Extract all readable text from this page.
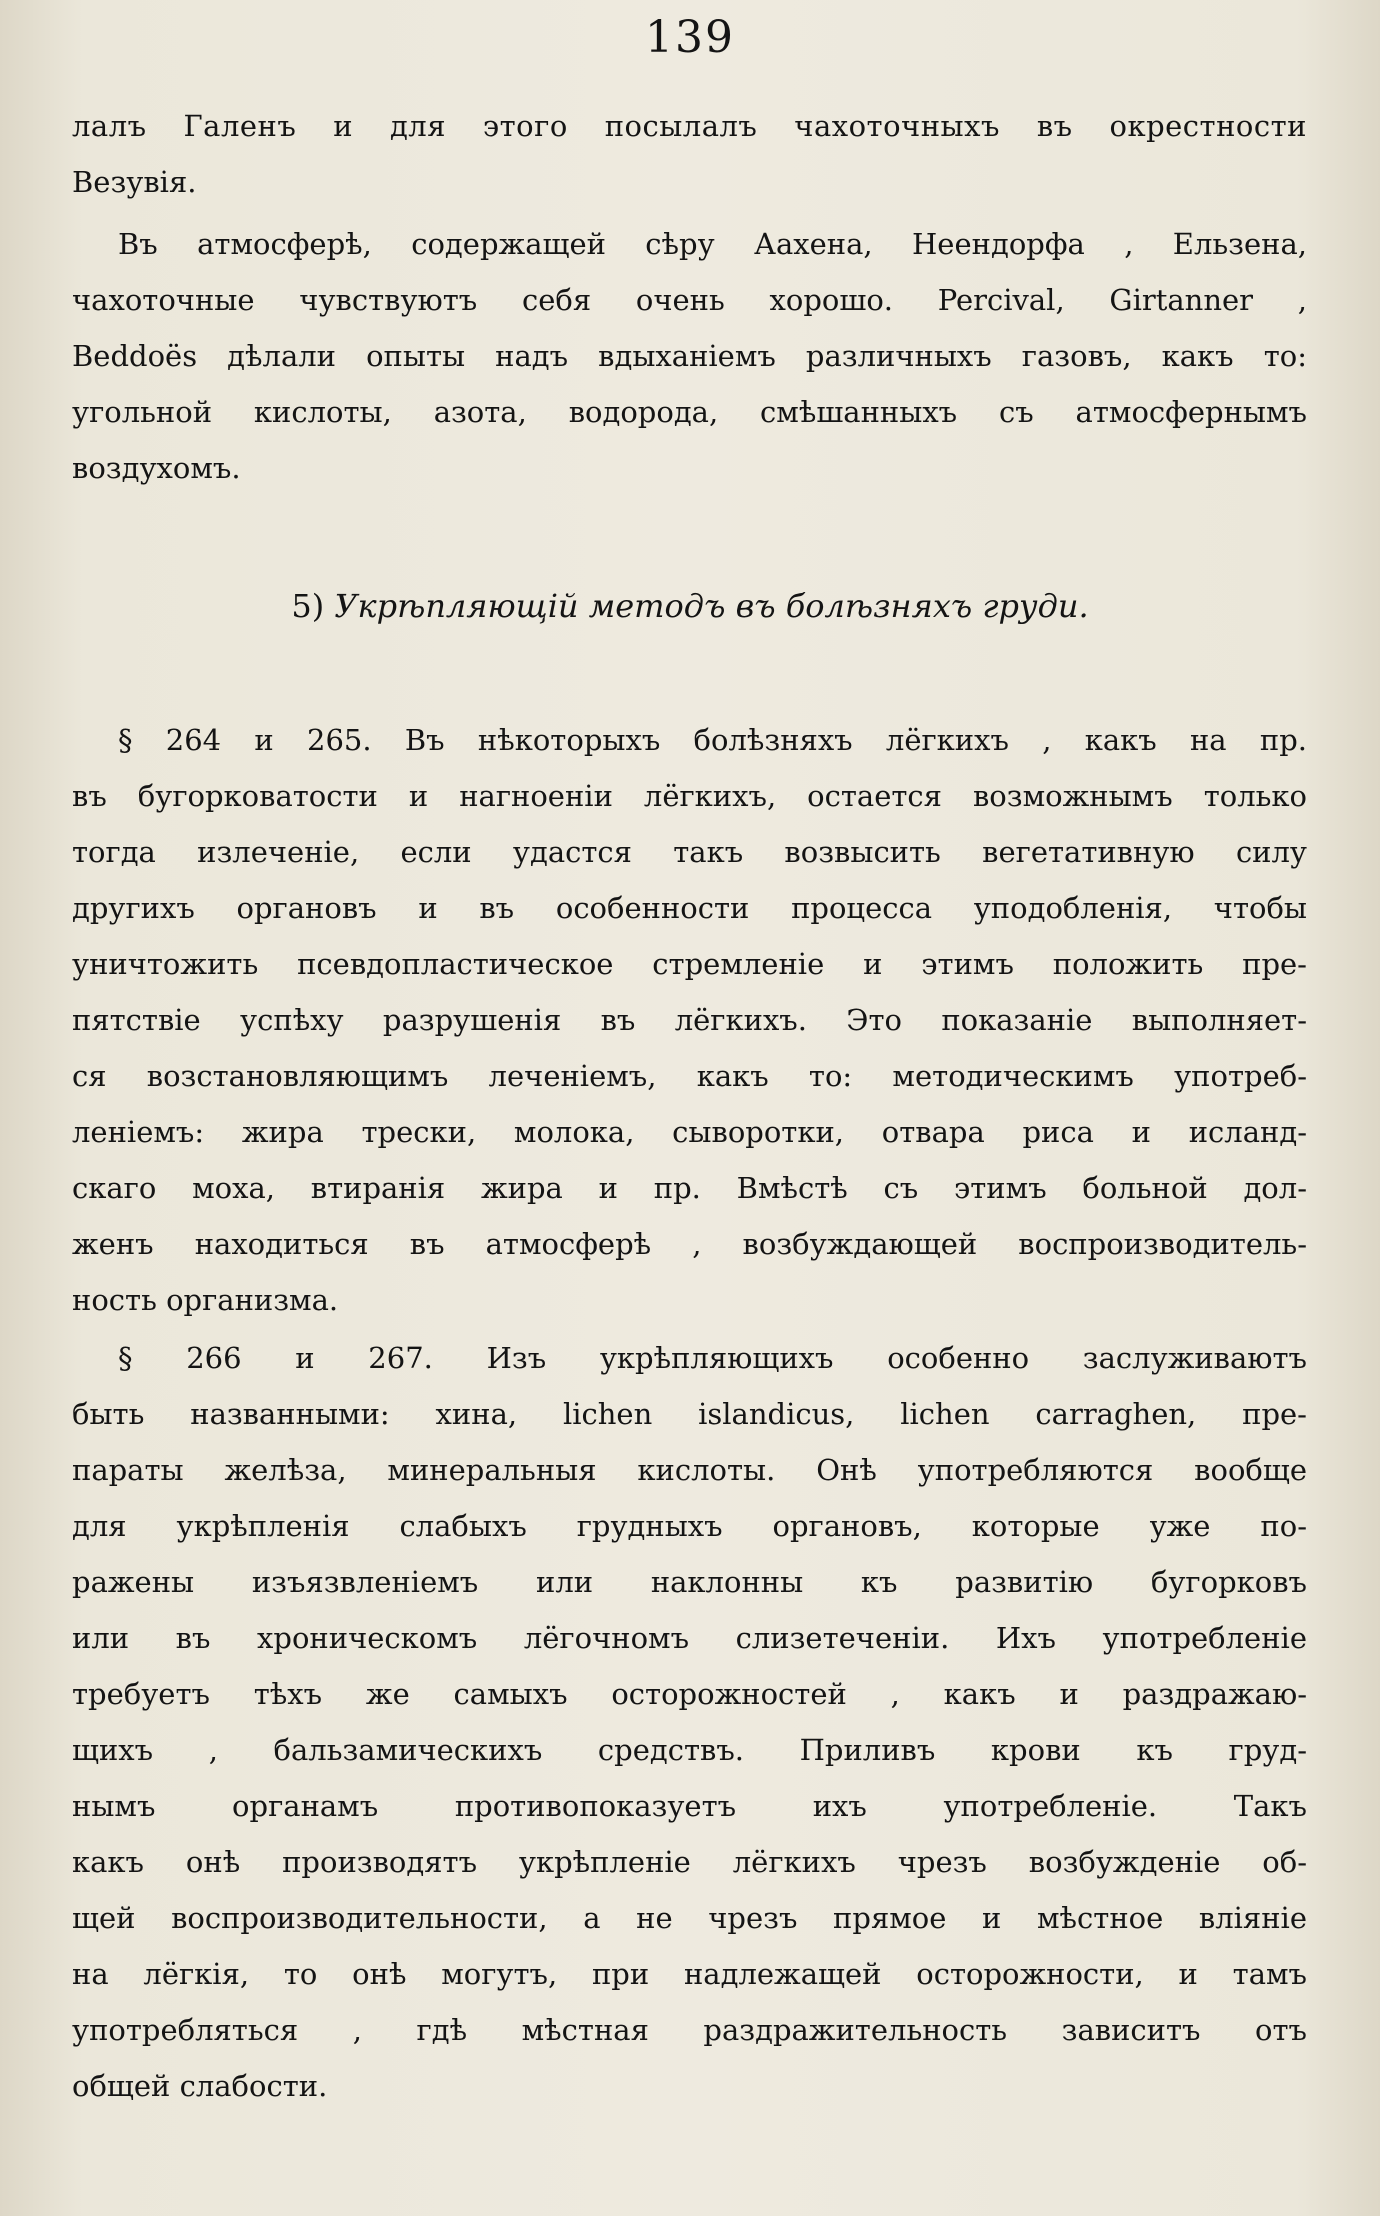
139
лалъ Галенъ и для этого посылалъ чахоточныхъ въ окрестности
Везувія.
Въ атмосферѣ, содержащей сѣру Аахена, Неендорфа , Ельзена,
чахоточные чувствуютъ себя очень хорошо. Percival, Girtanner ,
Beddoës дѣлали опыты надъ вдыханіемъ различныхъ газовъ, какъ то:
угольной кислоты, азота, водорода, смѣшанныхъ съ атмосфернымъ
воздухомъ.
5) Укрѣпляющій методъ въ болѣзняхъ груди.
§ 264 и 265. Въ нѣкоторыхъ болѣзняхъ лёгкихъ , какъ на пр.
въ бугорковатости и нагноеніи лёгкихъ, остается возможнымъ только
тогда излеченіе, если удастся такъ возвысить вегетативную силу
другихъ органовъ и въ особенности процесса уподобленія, чтобы
уничтожить псевдопластическое стремленіе и этимъ положить пре-
пятствіе успѣху разрушенія въ лёгкихъ. Это показаніе выполняет-
ся возстановляющимъ леченіемъ, какъ то: методическимъ употреб-
леніемъ: жира трески, молока, сыворотки, отвара риса и исланд-
скаго моха, втиранія жира и пр. Вмѣстѣ съ этимъ больной дол-
женъ находиться въ атмосферѣ , возбуждающей воспроизводитель-
ность организма.
§ 266 и 267. Изъ укрѣпляющихъ особенно заслуживаютъ
быть названными: хина, lichen islandicus, lichen carraghen, пре-
параты желѣза, минеральныя кислоты. Онѣ употребляются вообще
для укрѣпленія слабыхъ грудныхъ органовъ, которые уже по-
ражены изъязвленіемъ или наклонны къ развитію бугорковъ
или въ хроническомъ лёгочномъ слизетеченіи. Ихъ употребленіе
требуетъ тѣхъ же самыхъ осторожностей , какъ и раздражаю-
щихъ , бальзамическихъ средствъ. Приливъ крови къ груд-
нымъ органамъ противопоказуетъ ихъ употребленіе. Такъ
какъ онѣ производятъ укрѣпленіе лёгкихъ чрезъ возбужденіе об-
щей воспроизводительности, а не чрезъ прямое и мѣстное вліяніе
на лёгкія, то онѣ могутъ, при надлежащей осторожности, и тамъ
употребляться , гдѣ мѣстная раздражительность зависитъ отъ
общей слабости.
